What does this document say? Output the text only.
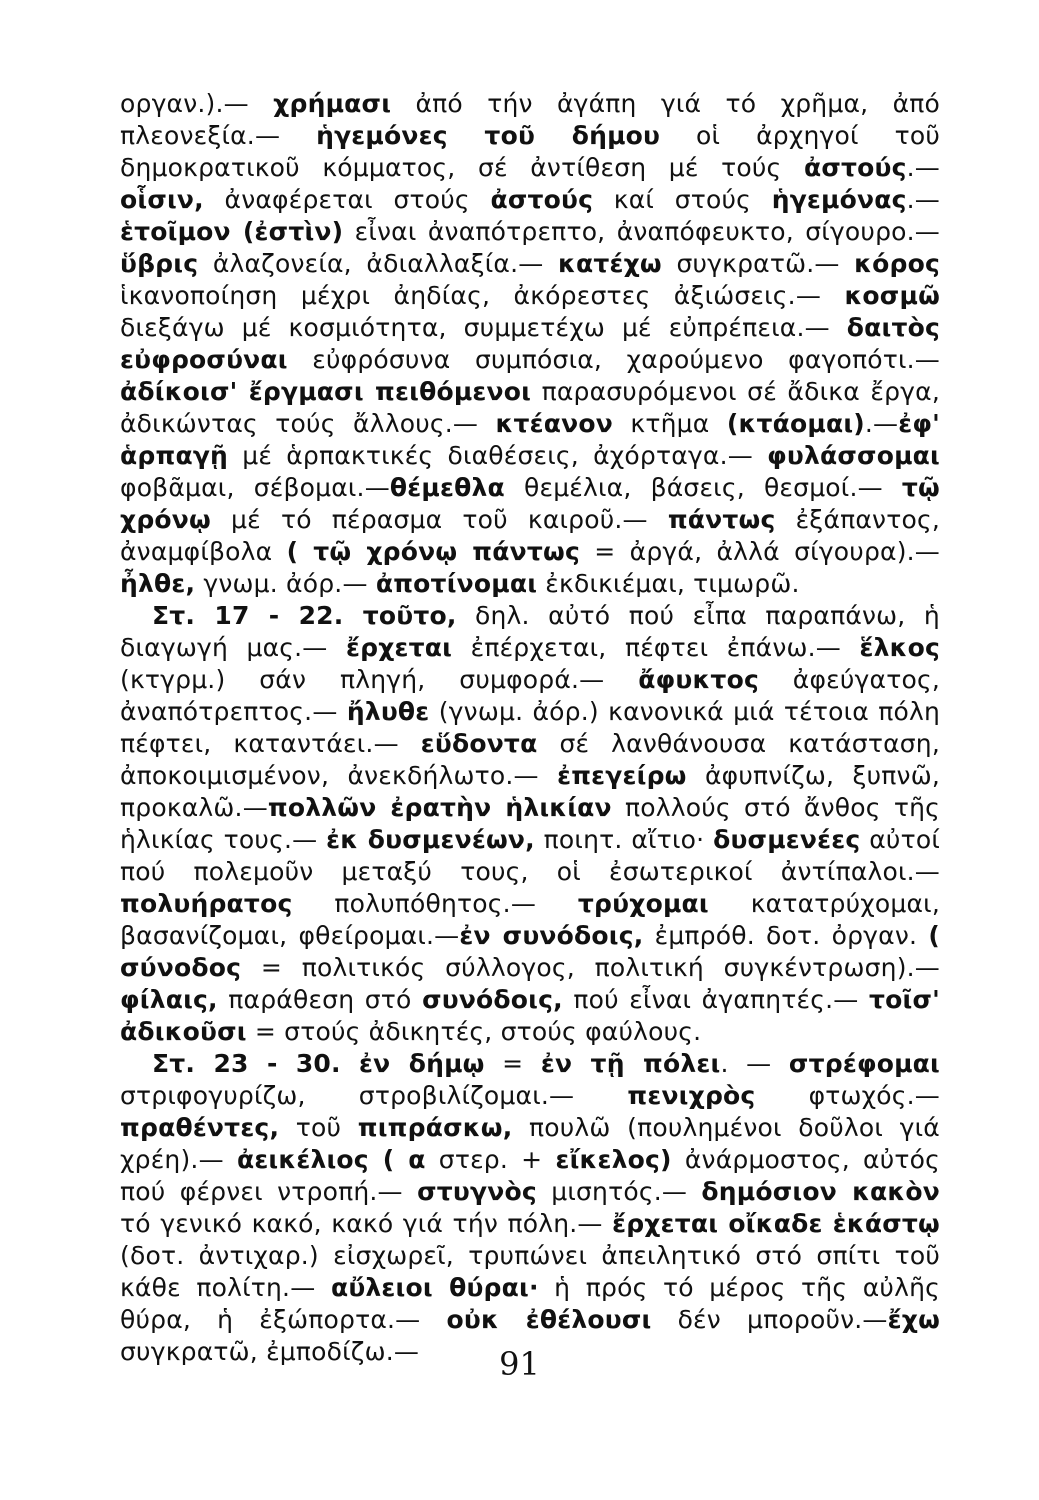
οργαν.).— χρήμασι ἀπό τήν ἀγάπη γιά τό χρῆμα, ἀπό πλεονεξία.— ἡγεμόνες τοῦ δήμου οἱ ἀρχηγοί τοῦ δημοκρατικοῦ κόμματος, σέ ἀντίθεση μέ τούς ἀστούς.— οἷσιν, ἀναφέρεται στούς ἀστούς καί στούς ἡγεμόνας.— ἑτοῖμον (ἐστὶν) εἶναι ἀναπότρεπτο, ἀναπόφευκτο, σίγουρο.—ὕβρις ἀλαζονεία, ἀδιαλλαξία.— κατέχω συγκρατῶ.— κόρος ἱκανοποίηση μέχρι ἀηδίας, ἀκόρεστες ἀξιώσεις.— κοσμῶ διεξάγω μέ κοσμιότητα, συμμετέχω μέ εὐπρέπεια.— δαιτὸς εὐφροσύναι εὐφρόσυνα συμπόσια, χαρούμενο φαγοπότι.— ἀδίκοισ' ἔργμασι πειθόμενοι παρασυρόμενοι σέ ἄδικα ἔργα, ἀδικώντας τούς ἄλλους.— κτέανον κτῆμα (κτάομαι).—ἐφ' ἁρπαγῇ μέ ἁρπακτικές διαθέσεις, ἀχόρταγα.— φυλάσσομαι φοβᾶμαι, σέβομαι.—θέμεθλα θεμέλια, βάσεις, θεσμοί.— τῷ χρόνῳ μέ τό πέρασμα τοῦ καιροῦ.— πάντως ἐξάπαντος, ἀναμφίβολα ( τῷ χρόνῳ πάντως = ἀργά, ἀλλά σίγουρα).— ἦλθε, γνωμ. ἀόρ.— ἀποτίνομαι ἐκδικιέμαι, τιμωρῶ.

Στ. 17 - 22. τοῦτο, δηλ. αὐτό πού εἶπα παραπάνω, ἡ διαγωγή μας.— ἔρχεται ἐπέρχεται, πέφτει ἐπάνω.— ἕλκος (κτγρμ.) σάν πληγή, συμφορά.— ἄφυκτος ἀφεύγατος, ἀναπότρεπτος.— ἤλυθε (γνωμ. ἀόρ.) κανονικά μιά τέτοια πόλη πέφτει, καταντάει.— εὕδοντα σέ λανθάνουσα κατάσταση, ἀποκοιμισμένον, ἀνεκδήλωτο.— ἐπεγείρω ἀφυπνίζω, ξυπνῶ, προκαλῶ.—πολλῶν ἐρατὴν ἡλικίαν πολλούς στό ἄνθος τῆς ἡλικίας τους.— ἐκ δυσμενέων, ποιητ. αἴτιο· δυσμενέες αὐτοί πού πολεμοῦν μεταξύ τους, οἱ ἐσωτερικοί ἀντίπαλοι.— πολυήρατος πολυπόθητος.— τρύχομαι κατατρύχομαι, βασανίζομαι, φθείρομαι.—ἐν συνόδοις, ἐμπρόθ. δοτ. ὀργαν. ( σύνοδος = πολιτικός σύλλογος, πολιτική συγκέντρωση).— φίλαις, παράθεση στό συνόδοις, πού εἶναι ἀγαπητές.— τοῖσ' ἀδικοῦσι = στούς ἀδικητές, στούς φαύλους.

Στ. 23 - 30. ἐν δήμῳ = ἐν τῇ πόλει. — στρέφομαι στριφογυρίζω, στροβιλίζομαι.— πενιχρὸς φτωχός.— πραθέντες, τοῦ πιπράσκω, πουλῶ (πουλημένοι δοῦλοι γιά χρέη).— ἀεικέλιος ( α στερ. + εἴκελος) ἀνάρμοστος, αὐτός πού φέρνει ντροπή.— στυγνὸς μισητός.— δημόσιον κακὸν τό γενικό κακό, κακό γιά τήν πόλη.— ἔρχεται οἴκαδε ἑκάστῳ (δοτ. ἀντιχαρ.) εἰσχωρεῖ, τρυπώνει ἀπειλητικό στό σπίτι τοῦ κάθε πολίτη.— αὔλειοι θύραι· ἡ πρός τό μέρος τῆς αὐλῆς θύρα, ἡ ἐξώπορτα.— οὐκ ἐθέλουσι δέν μποροῦν.—ἔχω συγκρατῶ, ἐμποδίζω.—	91
